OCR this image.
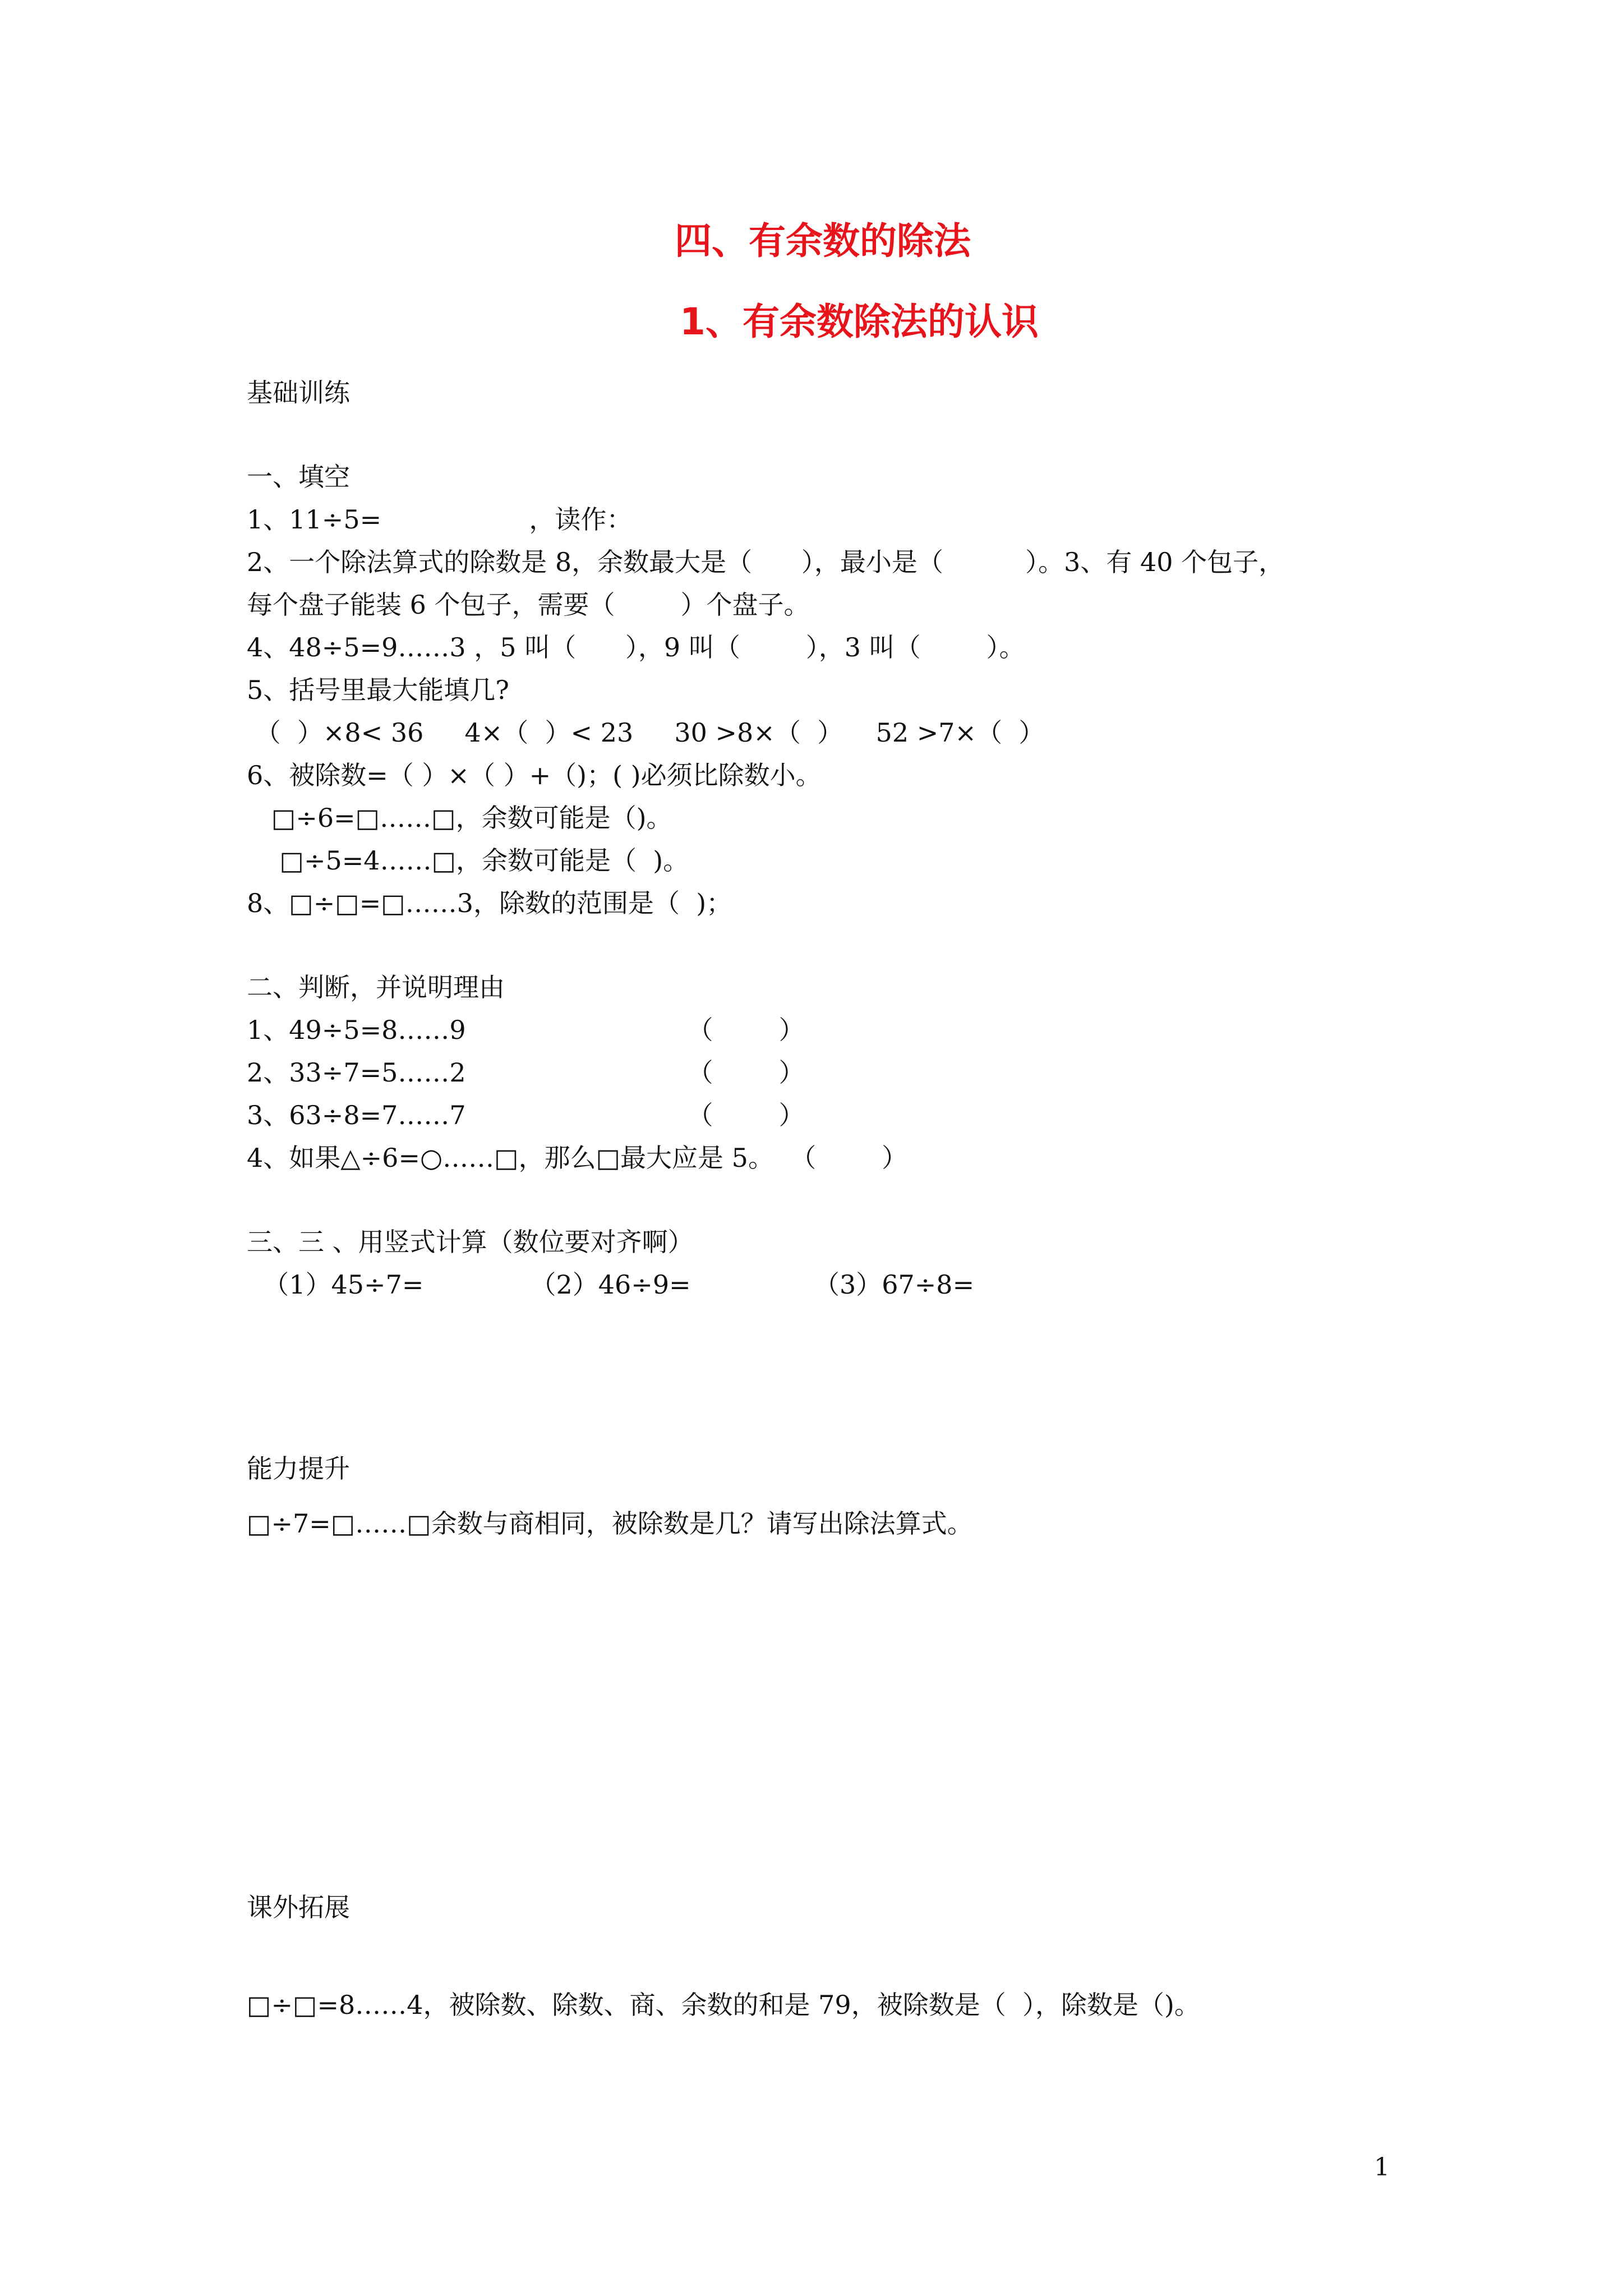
四、有余数的除法
1、有余数除法的认识
基础训练
一、填空
1、11÷5=                  ，读作：
2、一个除法算式的除数是 8，余数最大是（      ），最小是（          ）。3、有 40 个包子，
每个盘子能装 6 个包子，需要（        ）个盘子。
4、48÷5=9……3 ，5 叫（      ），9 叫（        ），3 叫（        ）。
5、括号里最大能填几?
（  ）×8< 36     4×（  ）< 23     30 >8×（  ）    52 >7×（  ）
6、被除数=（ ）×（ ）+（)；( )必须比除数小。
□÷6=□……□，余数可能是（)。
□÷5=4……□，余数可能是（  )。
8、□÷□=□……3，除数的范围是（  )；
二、判断，并说明理由
1、49÷5=8……9                           （        ）
2、33÷7=5……2                           （        ）
3、63÷8=7……7                           （        ）
4、如果△÷6=○……□，那么□最大应是 5。  （        ）
三、三 、用竖式计算（数位要对齐啊）
（1）45÷7=             （2）46÷9=               （3）67÷8=
能力提升
□÷7=□……□余数与商相同，被除数是几？请写出除法算式。
课外拓展
□÷□=8……4，被除数、除数、商、余数的和是 79，被除数是（  ），除数是（)。
1
